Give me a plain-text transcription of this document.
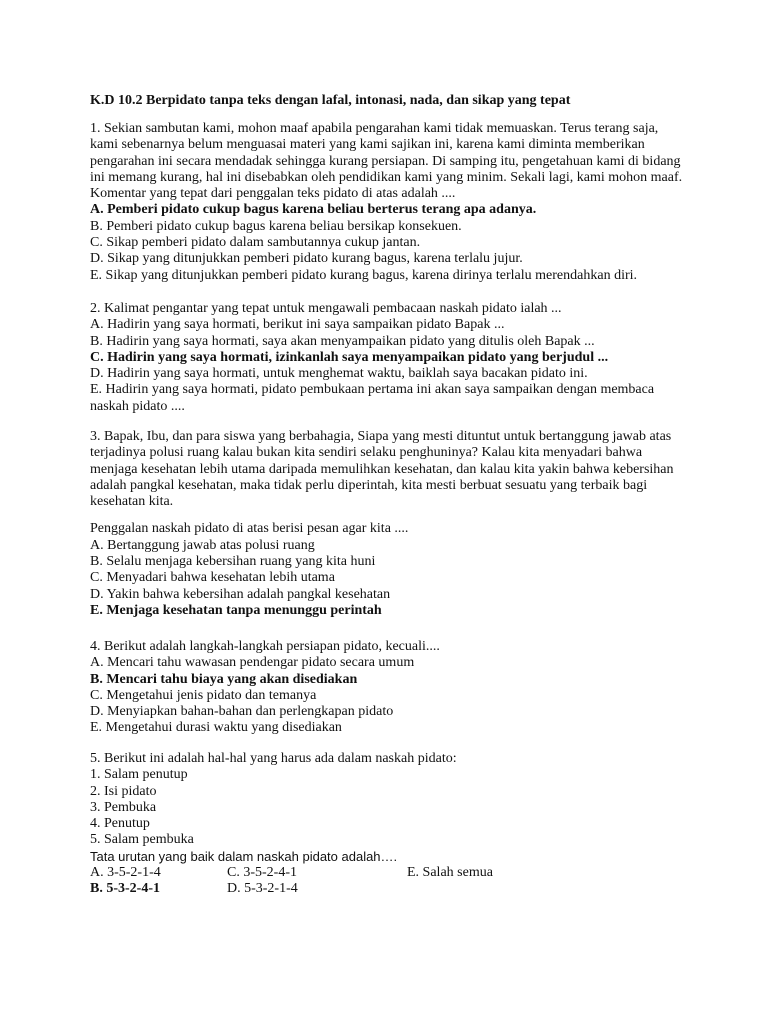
K.D 10.2 Berpidato tanpa teks dengan lafal, intonasi, nada, dan sikap yang tepat
1. Sekian sambutan kami, mohon maaf apabila pengarahan kami tidak memuaskan. Terus terang saja,
kami sebenarnya belum menguasai materi yang kami sajikan ini, karena kami diminta memberikan
pengarahan ini secara mendadak sehingga kurang persiapan. Di samping itu, pengetahuan kami di bidang
ini memang kurang, hal ini disebabkan oleh pendidikan kami yang minim. Sekali lagi, kami mohon maaf.
Komentar yang tepat dari penggalan teks pidato di atas adalah ....
A. Pemberi pidato cukup bagus karena beliau berterus terang apa adanya.
B. Pemberi pidato cukup bagus karena beliau bersikap konsekuen.
C. Sikap pemberi pidato dalam sambutannya cukup jantan.
D. Sikap yang ditunjukkan pemberi pidato kurang bagus, karena terlalu jujur.
E. Sikap yang ditunjukkan pemberi pidato kurang bagus, karena dirinya terlalu merendahkan diri.
2. Kalimat pengantar yang tepat untuk mengawali pembacaan naskah pidato ialah ...
A. Hadirin yang saya hormati, berikut ini saya sampaikan pidato Bapak ...
B. Hadirin yang saya hormati, saya akan menyampaikan pidato yang ditulis oleh Bapak ...
C. Hadirin yang saya hormati, izinkanlah saya menyampaikan pidato yang berjudul ...
D. Hadirin yang saya hormati, untuk menghemat waktu, baiklah saya bacakan pidato ini.
E. Hadirin yang saya hormati, pidato pembukaan pertama ini akan saya sampaikan dengan membaca
naskah pidato ....
3. Bapak, Ibu, dan para siswa yang berbahagia, Siapa yang mesti dituntut untuk bertanggung jawab atas
terjadinya polusi ruang kalau bukan kita sendiri selaku penghuninya? Kalau kita menyadari bahwa
menjaga kesehatan lebih utama daripada memulihkan kesehatan, dan kalau kita yakin bahwa kebersihan
adalah pangkal kesehatan, maka tidak perlu diperintah, kita mesti berbuat sesuatu yang terbaik bagi
kesehatan kita.
Penggalan naskah pidato di atas berisi pesan agar kita ....
A. Bertanggung jawab atas polusi ruang
B. Selalu menjaga kebersihan ruang yang kita huni
C. Menyadari bahwa kesehatan lebih utama
D. Yakin bahwa kebersihan adalah pangkal kesehatan
E. Menjaga kesehatan tanpa menunggu perintah
4. Berikut adalah langkah-langkah persiapan pidato, kecuali....
A. Mencari tahu wawasan pendengar pidato secara umum
B. Mencari tahu biaya yang akan disediakan
C. Mengetahui jenis pidato dan temanya
D. Menyiapkan bahan-bahan dan perlengkapan pidato
E. Mengetahui durasi waktu yang disediakan
5. Berikut ini adalah hal-hal yang harus ada dalam naskah pidato:
1. Salam penutup
2. Isi pidato
3. Pembuka
4. Penutup
5. Salam pembuka
Tata urutan yang baik dalam naskah pidato adalah….
A. 3-5-2-1-4	C. 3-5-2-4-1	E. Salah semua
B. 5-3-2-4-1	D. 5-3-2-1-4
